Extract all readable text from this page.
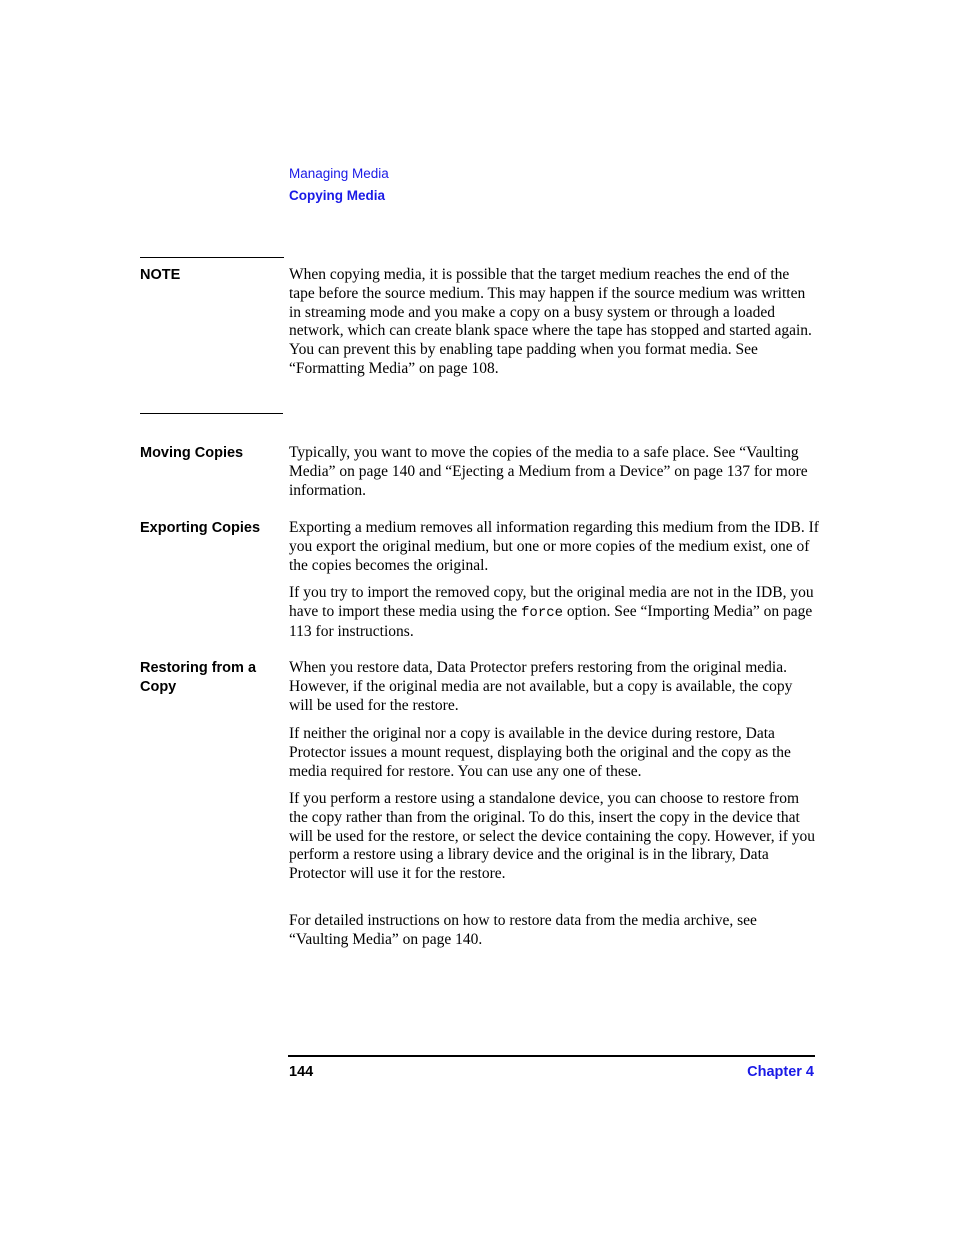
Managing Media
Copying Media
NOTE	When copying media, it is possible that the target medium reaches the end of the tape before the source medium. This may happen if the source medium was written in streaming mode and you make a copy on a busy system or through a loaded network, which can create blank space where the tape has stopped and started again. You can prevent this by enabling tape padding when you format media. See “Formatting Media” on page 108.

Moving Copies	Typically, you want to move the copies of the media to a safe place. See “Vaulting Media” on page 140 and “Ejecting a Medium from a Device” on page 137 for more information.

Exporting Copies	Exporting a medium removes all information regarding this medium from the IDB. If you export the original medium, but one or more copies of the medium exist, one of the copies becomes the original.

If you try to import the removed copy, but the original media are not in the IDB, you have to import these media using the force option. See “Importing Media” on page 113 for instructions.

Restoring from a
Copy

When you restore data, Data Protector prefers restoring from the original media. However, if the original media are not available, but a copy is available, the copy will be used for the restore.

If neither the original nor a copy is available in the device during restore, Data Protector issues a mount request, displaying both the original and the copy as the media required for restore. You can use any one of these.

If you perform a restore using a standalone device, you can choose to restore from the copy rather than from the original. To do this, insert the copy in the device that will be used for the restore, or select the device containing the copy. However, if you perform a restore using a library device and the original is in the library, Data Protector will use it for the restore.

For detailed instructions on how to restore data from the media archive, see “Vaulting Media” on page 140.

144	Chapter 4
